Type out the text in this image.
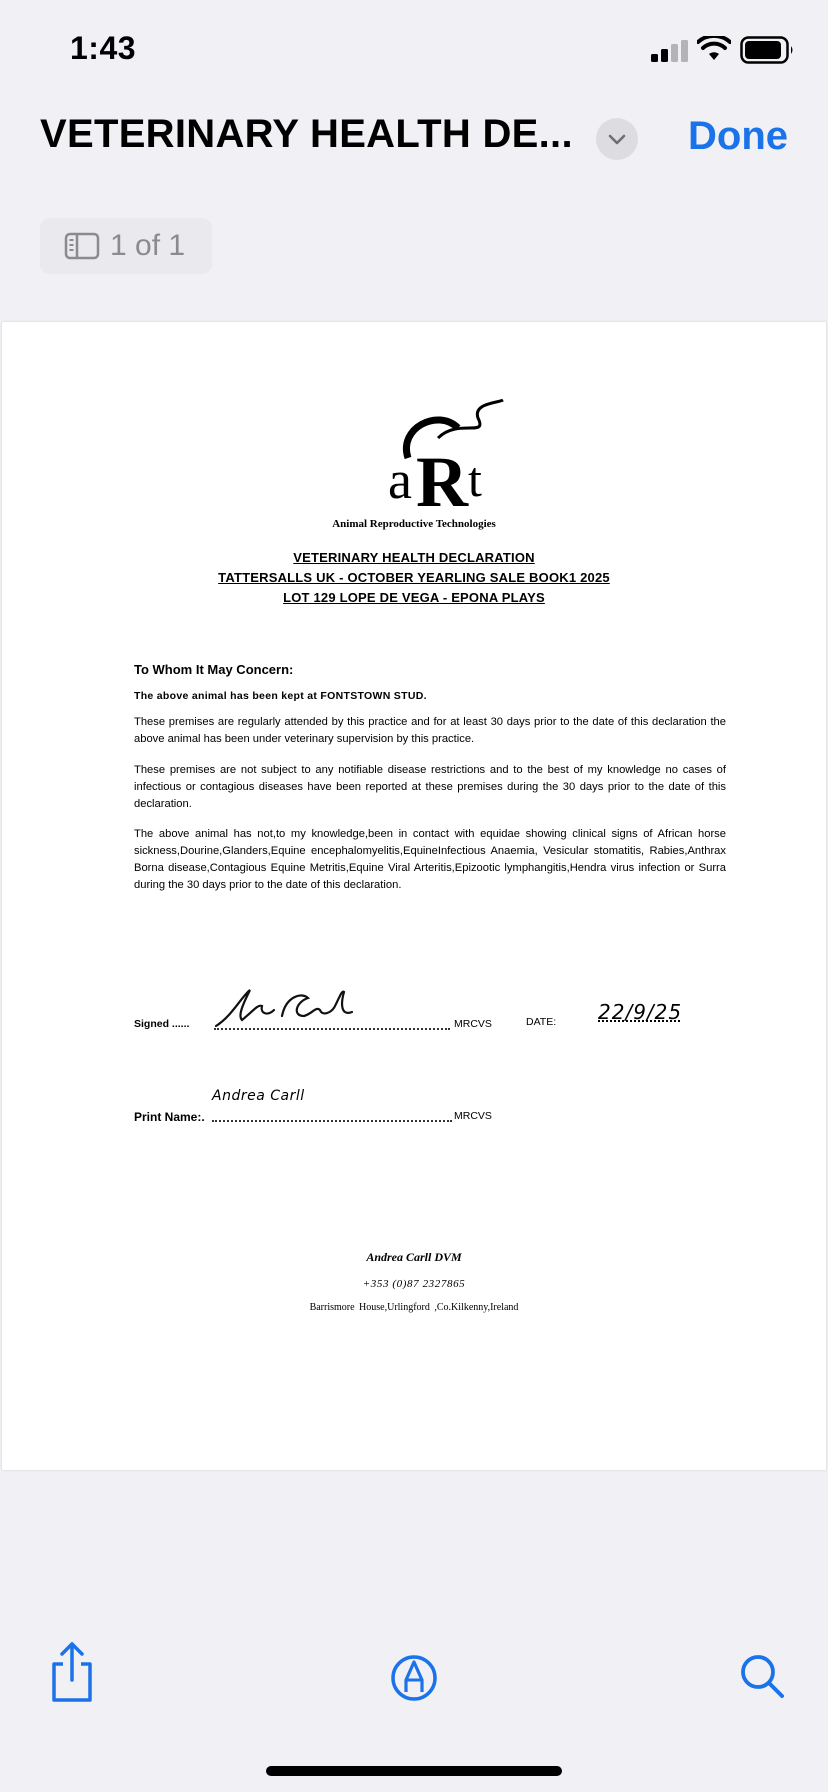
1:43
VETERINARY HEALTH DE...	Done
1 of 1
a R t
Animal Reproductive Technologies
VETERINARY HEALTH DECLARATION
TATTERSALLS UK - OCTOBER YEARLING SALE BOOK1 2025
LOT 129 LOPE DE VEGA - EPONA PLAYS
To Whom It May Concern:
The above animal has been kept at FONTSTOWN STUD.
These premises are regularly attended by this practice and for at least 30 days prior to the date of this declaration the above animal has been under veterinary supervision by this practice.
These premises are not subject to any notifiable disease restrictions and to the best of my knowledge no cases of infectious or contagious diseases have been reported at these premises during the 30 days prior to the date of this declaration.
The above animal has not,to my knowledge,been in contact with equidae showing clinical signs of African horse sickness,Dourine,Glanders,Equine encephalomyelitis,EquineInfectious Anaemia, Vesicular stomatitis, Rabies,Anthrax Borna disease,Contagious Equine Metritis,Equine Viral Arteritis,Epizootic lymphangitis,Hendra virus infection or Surra during the 30 days prior to the date of this declaration.
Signed ......	MRCVS	DATE: 22/9/25
Print Name:.
Andrea Carll
MRCVS
Andrea Carll DVM
+353 (0)87 2327865
Barrismore House,Urlingford ,Co.Kilkenny,Ireland
